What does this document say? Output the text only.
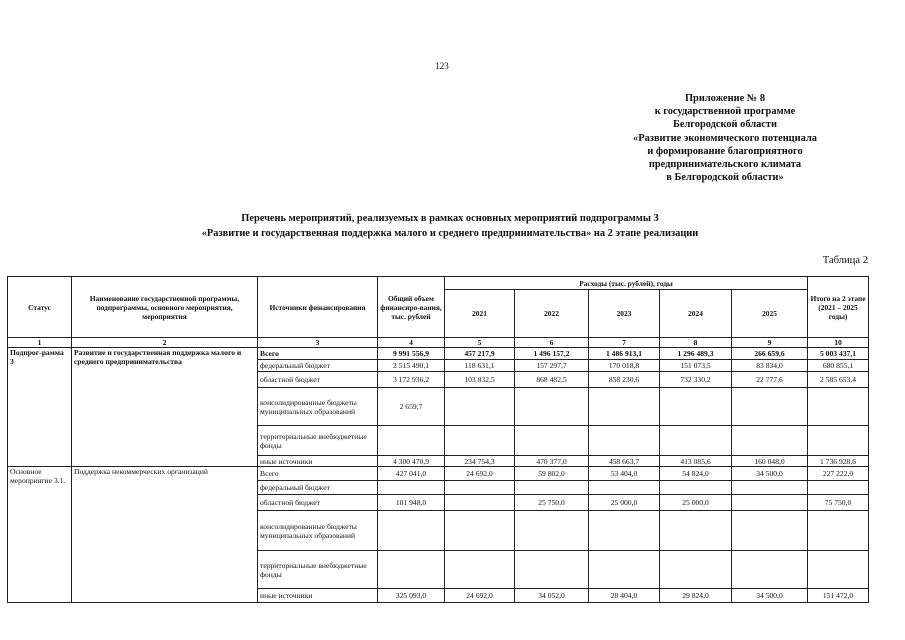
123
Приложение № 8
к государственной программе
Белгородской области
«Развитие экономического потенциала
и формирование благоприятного
предпринимательского климата
в Белгородской области»
Перечень мероприятий, реализуемых в рамках основных мероприятий подпрограммы 3
«Развитие и государственная поддержка малого и среднего предпринимательства» на 2 этапе реализации
Таблица 2
Статус	Наименование государственной программы, подпрограммы, основного мероприятия, мероприятия	Источники финансирования	Общий объем финансиро-вания, тыс. рублей	Расходы (тыс. рублей), годы					Итого на 2 этапе (2021 – 2025 годы)
				2021	2022	2023	2024	2025	
1	2	3	4	5	6	7	8	9	10
Подпрог-рамма 3	Развитие и государственная поддержка малого и среднего предпринимательства	Всего	9 991 556,9	457 217,9	1 496 157,2	1 486 913,1	1 296 489,3	266 659,6	5 003 437,1
		федеральный бюджет	2 515 490,1	118 631,1	157 297,7	170 018,8	151 073,5	83 834,0	680 855,1
		областной бюджет	3 172 936,2	103 832,5	868 482,5	858 230,6	732 330,2	22 777,6	2 585 653,4
		консолидированные бюджеты муниципальных образований	2 659,7						
		территориальные внебюджетные фонды							
		иные источники	4 300 470,9	234 754,3	470 377,0	458 663,7	413 085,6	160 048,0	1 736 928,6
Основное мероприятие 3.1.	Поддержка некоммерческих организаций	Всего	427 041,0	24 692,0	59 802,0	53 404,0	54 824,0	34 500,0	227 222,0
		федеральный бюджет							
		областной бюджет	101 948,0		25 750,0	25 000,0	25 000,0		75 750,0
		консолидированные бюджеты муниципальных образований							
		территориальные внебюджетные фонды							
		иные источники	325 093,0	24 692,0	34 052,0	28 404,0	29 824,0	34 500,0	151 472,0
